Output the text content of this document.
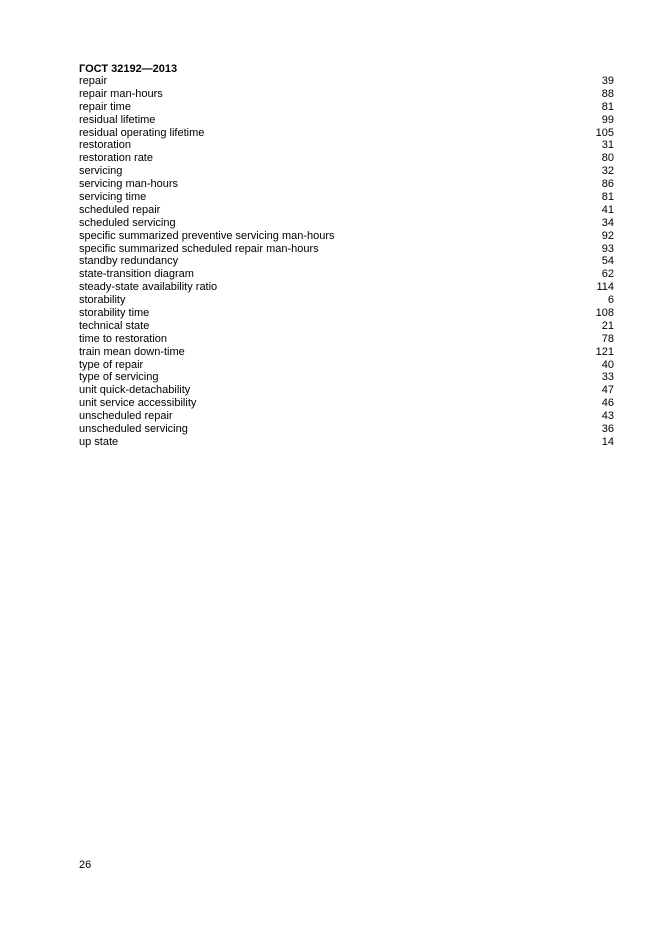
ГОСТ 32192—2013
repair	39
repair man-hours	88
repair time	81
residual lifetime	99
residual operating lifetime	105
restoration	31
restoration rate	80
servicing	32
servicing man-hours	86
servicing time	81
scheduled repair	41
scheduled servicing	34
specific summarized preventive servicing man-hours	92
specific summarized scheduled repair man-hours	93
standby redundancy	54
state-transition diagram	62
steady-state availability ratio	114
storability	6
storability time	108
technical state	21
time to restoration	78
train mean down-time	121
type of repair	40
type of servicing	33
unit quick-detachability	47
unit service accessibility	46
unscheduled repair	43
unscheduled servicing	36
up state	14
26
